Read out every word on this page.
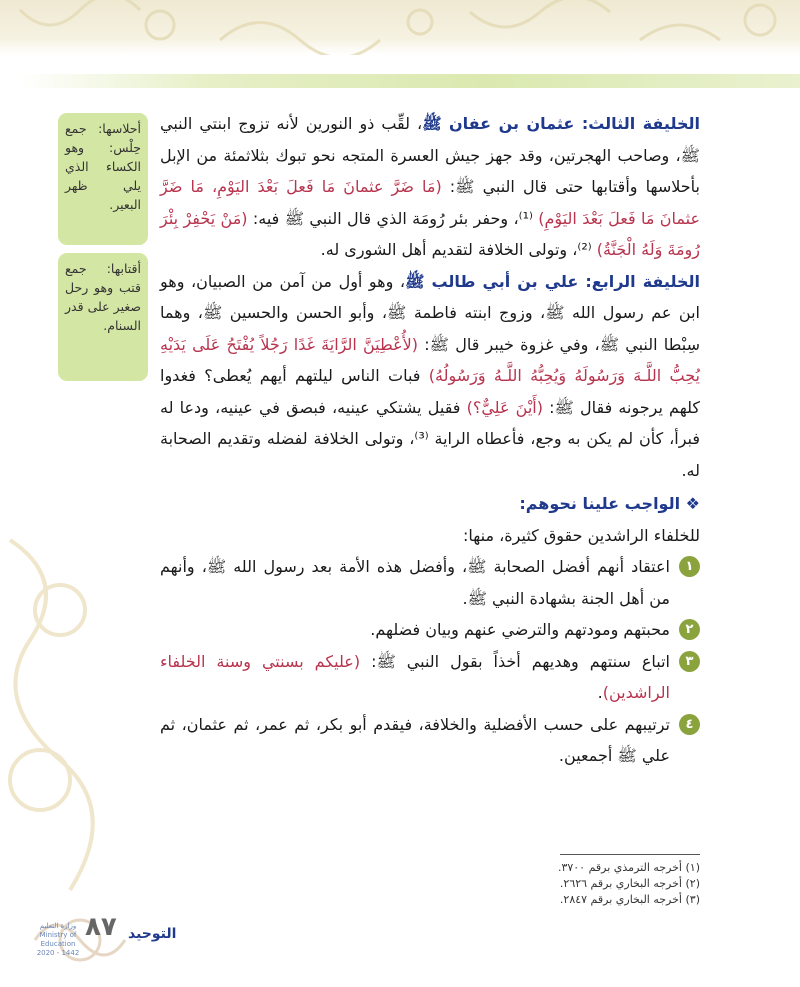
أحلاسها: جمع حِلْس: وهو الكساء الذي يلي ظهر البعير.
أقتابها: جمع قتب وهو رحل صغير على قدر السنام.

الخليفة الثالث: عثمان بن عفان ﷺ، لقِّب ذو النورين لأنه تزوج ابنتي النبي ﷺ، وصاحب الهجرتين، وقد جهز جيش العسرة المتجه نحو تبوك بثلاثمئة من الإبل بأحلاسها وأقتابها حتى قال النبي ﷺ: (مَا ضَرَّ عثمانَ مَا فَعلَ بَعْدَ اليَوْمِ، مَا ضَرَّ عثمانَ مَا فَعلَ بَعْدَ اليَوْمِ) ⁽¹⁾، وحفر بئر رُومَة الذي قال النبي ﷺ فيه: (مَنْ يَحْفِرْ بِئْرَ رُومَةَ وَلَهُ الْجَنَّةُ) ⁽²⁾، وتولى الخلافة لتقديم أهل الشورى له.

الخليفة الرابع: علي بن أبي طالب ﷺ، وهو أول من آمن من الصبيان، وهو ابن عم رسول الله ﷺ، وزوج ابنته فاطمة ﷺ، وأبو الحسن والحسين ﷺ، وهما سِبْطا النبي ﷺ، وفي غزوة خيبر قال ﷺ: (لأُعْطِيَنَّ الرَّايَةَ غَدًا رَجُلاً يُفْتَحُ عَلَى يَدَيْهِ يُحِبُّ اللَّـهَ وَرَسُولَهُ وَيُحِبُّهُ اللَّـهُ وَرَسُولُهُ) فبات الناس ليلتهم أيهم يُعطى؟ فغدوا كلهم يرجونه فقال ﷺ: (أَيْنَ عَلِيٌّ؟) فقيل يشتكي عينيه، فبصق في عينيه، ودعا له فبرأ، كأن لم يكن به وجع، فأعطاه الراية ⁽³⁾، وتولى الخلافة لفضله وتقديم الصحابة له.

❖ الواجب علينا نحوهم:

للخلفاء الراشدين حقوق كثيرة، منها:

١
اعتقاد أنهم أفضل الصحابة ﷺ، وأفضل هذه الأمة بعد رسول الله ﷺ، وأنهم من أهل الجنة بشهادة النبي ﷺ.

٢
محبتهم ومودتهم والترضي عنهم وبيان فضلهم.

٣
اتباع سنتهم وهديهم أخذاً بقول النبي ﷺ: (عليكم بسنتي وسنة الخلفاء الراشدين).

٤
ترتيبهم على حسب الأفضلية والخلافة، فيقدم أبو بكر، ثم عمر، ثم عثمان، ثم علي ﷺ أجمعين.

(١) أخرجه الترمذي برقم ٣٧٠٠.
(٢) أخرجه البخاري برقم ٢٦٢٦.
(٣) أخرجه البخاري برقم ٢٨٤٧.
٨٧ التوحيد
وزارة التعليم
Ministry of Education
2020 - 1442
